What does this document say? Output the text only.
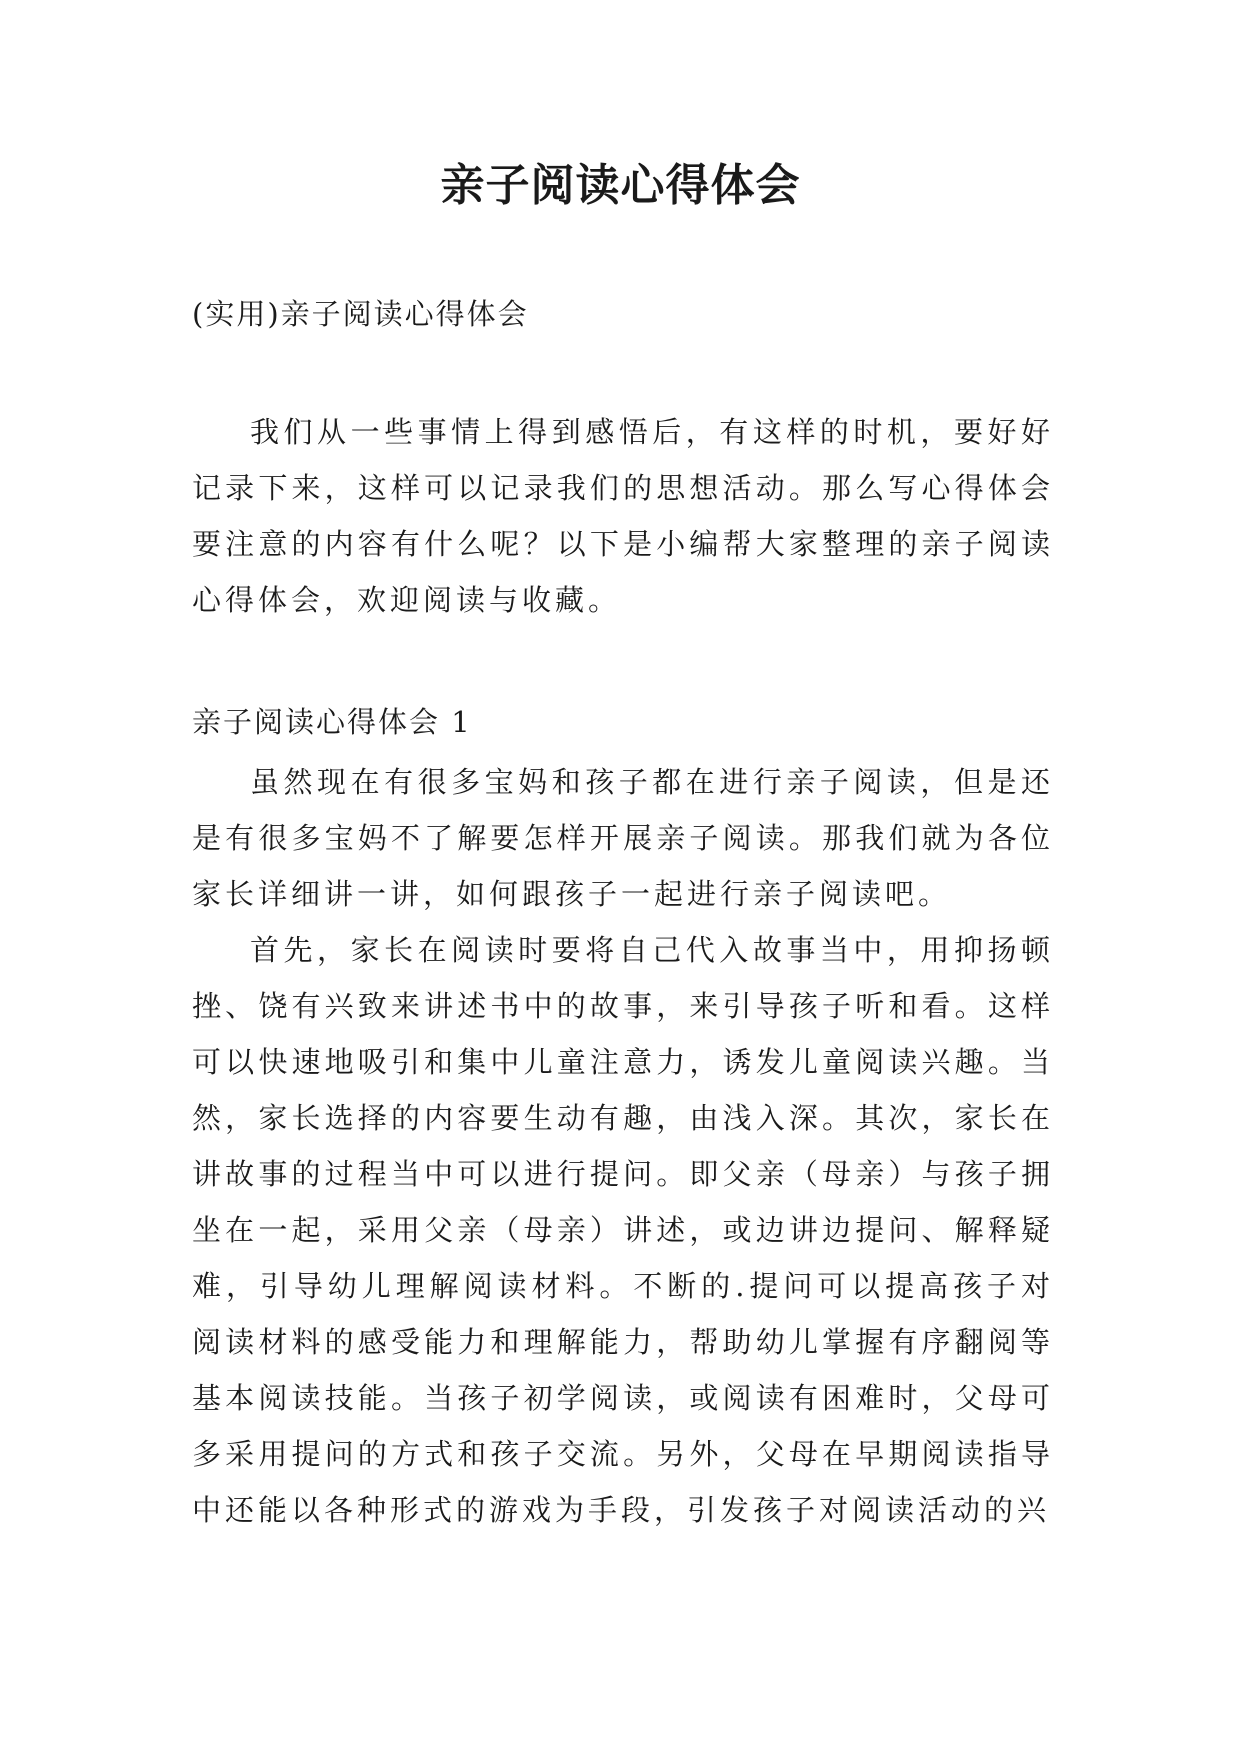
亲子阅读心得体会
(实用)亲子阅读心得体会

我们从一些事情上得到感悟后，有这样的时机，要好好记录下来，这样可以记录我们的思想活动。那么写心得体会要注意的内容有什么呢？以下是小编帮大家整理的亲子阅读心得体会，欢迎阅读与收藏。

亲子阅读心得体会 1

虽然现在有很多宝妈和孩子都在进行亲子阅读，但是还是有很多宝妈不了解要怎样开展亲子阅读。那我们就为各位家长详细讲一讲，如何跟孩子一起进行亲子阅读吧。

首先，家长在阅读时要将自己代入故事当中，用抑扬顿挫、饶有兴致来讲述书中的故事，来引导孩子听和看。这样可以快速地吸引和集中儿童注意力，诱发儿童阅读兴趣。当然，家长选择的内容要生动有趣，由浅入深。其次，家长在讲故事的过程当中可以进行提问。即父亲（母亲）与孩子拥坐在一起，采用父亲（母亲）讲述，或边讲边提问、解释疑难，引导幼儿理解阅读材料。不断的.提问可以提高孩子对阅读材料的感受能力和理解能力，帮助幼儿掌握有序翻阅等基本阅读技能。当孩子初学阅读，或阅读有困难时，父母可多采用提问的方式和孩子交流。另外，父母在早期阅读指导中还能以各种形式的游戏为手段，引发孩子对阅读活动的兴
